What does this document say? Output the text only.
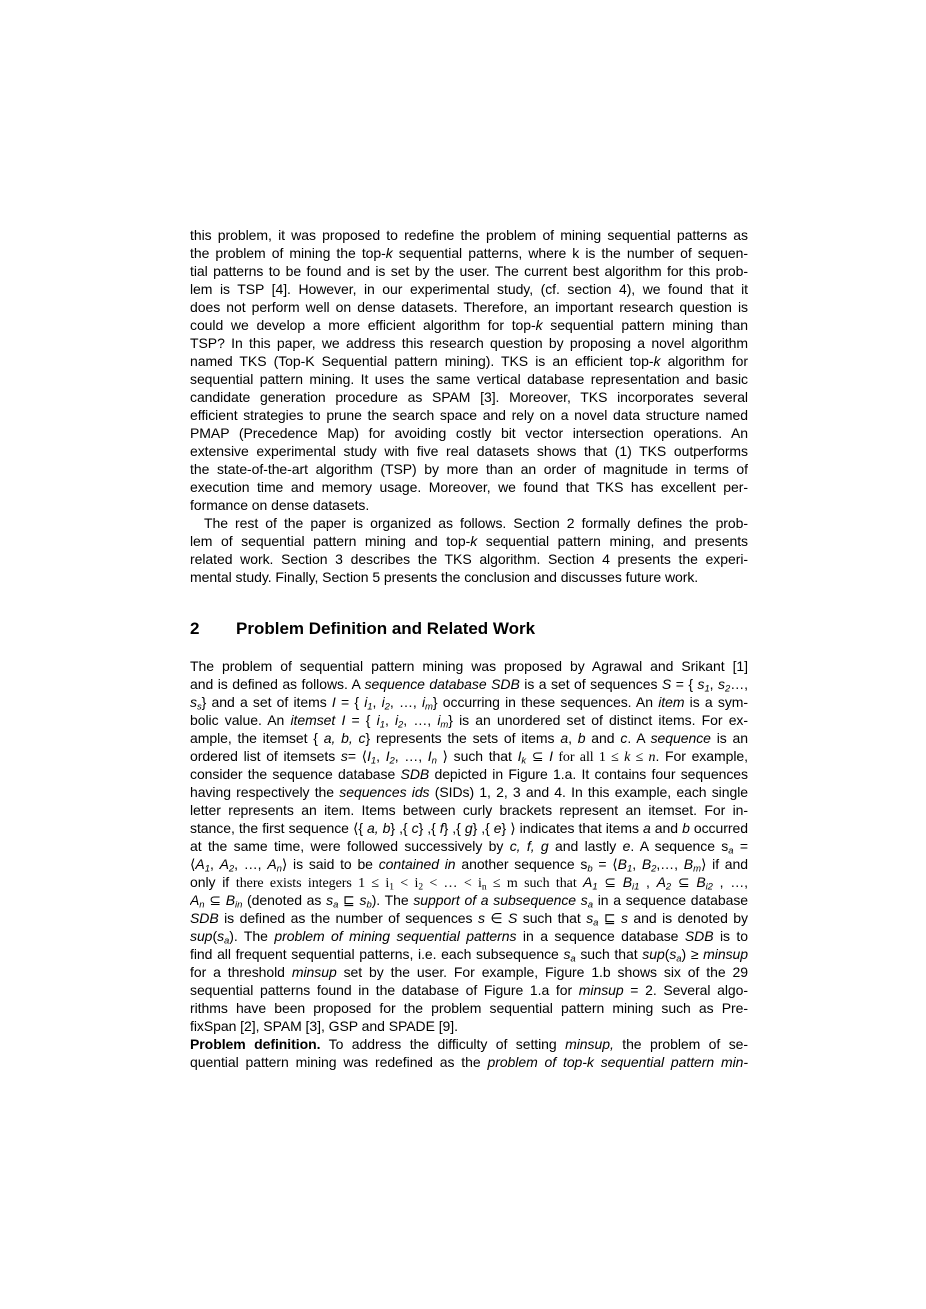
this problem, it was proposed to redefine the problem of mining sequential patterns as
the problem of mining the top-k sequential patterns, where k is the number of sequen-
tial patterns to be found and is set by the user. The current best algorithm for this prob-
lem is TSP [4]. However, in our experimental study, (cf. section 4), we found that it
does not perform well on dense datasets. Therefore, an important research question is
could we develop a more efficient algorithm for top-k sequential pattern mining than
TSP? In this paper, we address this research question by proposing a novel algorithm
named TKS (Top-K Sequential pattern mining). TKS is an efficient top-k algorithm for
sequential pattern mining. It uses the same vertical database representation and basic
candidate generation procedure as SPAM [3]. Moreover, TKS incorporates several
efficient strategies to prune the search space and rely on a novel data structure named
PMAP (Precedence Map) for avoiding costly bit vector intersection operations. An
extensive experimental study with five real datasets shows that (1) TKS outperforms
the state-of-the-art algorithm (TSP) by more than an order of magnitude in terms of
execution time and memory usage. Moreover, we found that TKS has excellent per-
formance on dense datasets.
The rest of the paper is organized as follows. Section 2 formally defines the prob-
lem of sequential pattern mining and top-k sequential pattern mining, and presents
related work. Section 3 describes the TKS algorithm. Section 4 presents the experi-
mental study. Finally, Section 5 presents the conclusion and discusses future work.
2	Problem Definition and Related Work
The problem of sequential pattern mining was proposed by Agrawal and Srikant [1]
and is defined as follows. A sequence database SDB is a set of sequences S = { s1, s2…,
ss} and a set of items I = { i1, i2, …, im} occurring in these sequences. An item is a sym-
bolic value. An itemset I = { i1, i2, …, im} is an unordered set of distinct items. For ex-
ample, the itemset { a, b, c} represents the sets of items a, b and c. A sequence is an
ordered list of itemsets s= ⟨I1, I2, …, In ⟩ such that Ik ⊆ I for all 1 ≤ k ≤ n. For example,
consider the sequence database SDB depicted in Figure 1.a. It contains four sequences
having respectively the sequences ids (SIDs) 1, 2, 3 and 4. In this example, each single
letter represents an item. Items between curly brackets represent an itemset. For in-
stance, the first sequence ⟨{ a, b} ,{ c} ,{ f} ,{ g} ,{ e} ⟩ indicates that items a and b occurred
at the same time, were followed successively by c, f, g and lastly e. A sequence sa =
⟨A1, A2, …, An⟩ is said to be contained in another sequence sb = ⟨B1, B2,…, Bm⟩ if and
only if there exists integers 1 ≤ i1 < i2 < … < in ≤ m such that A1 ⊆ Bi1 , A2 ⊆ Bi2 , …,
An ⊆ Bin (denoted as sa ⊑ sb). The support of a subsequence sa in a sequence database
SDB is defined as the number of sequences s ∈ S such that sa ⊑ s and is denoted by
sup(sa). The problem of mining sequential patterns in a sequence database SDB is to
find all frequent sequential patterns, i.e. each subsequence sa such that sup(sa) ≥ minsup
for a threshold minsup set by the user. For example, Figure 1.b shows six of the 29
sequential patterns found in the database of Figure 1.a for minsup = 2. Several algo-
rithms have been proposed for the problem sequential pattern mining such as Pre-
fixSpan [2], SPAM [3], GSP and SPADE [9].
Problem definition. To address the difficulty of setting minsup, the problem of se-
quential pattern mining was redefined as the problem of top-k sequential pattern min-
